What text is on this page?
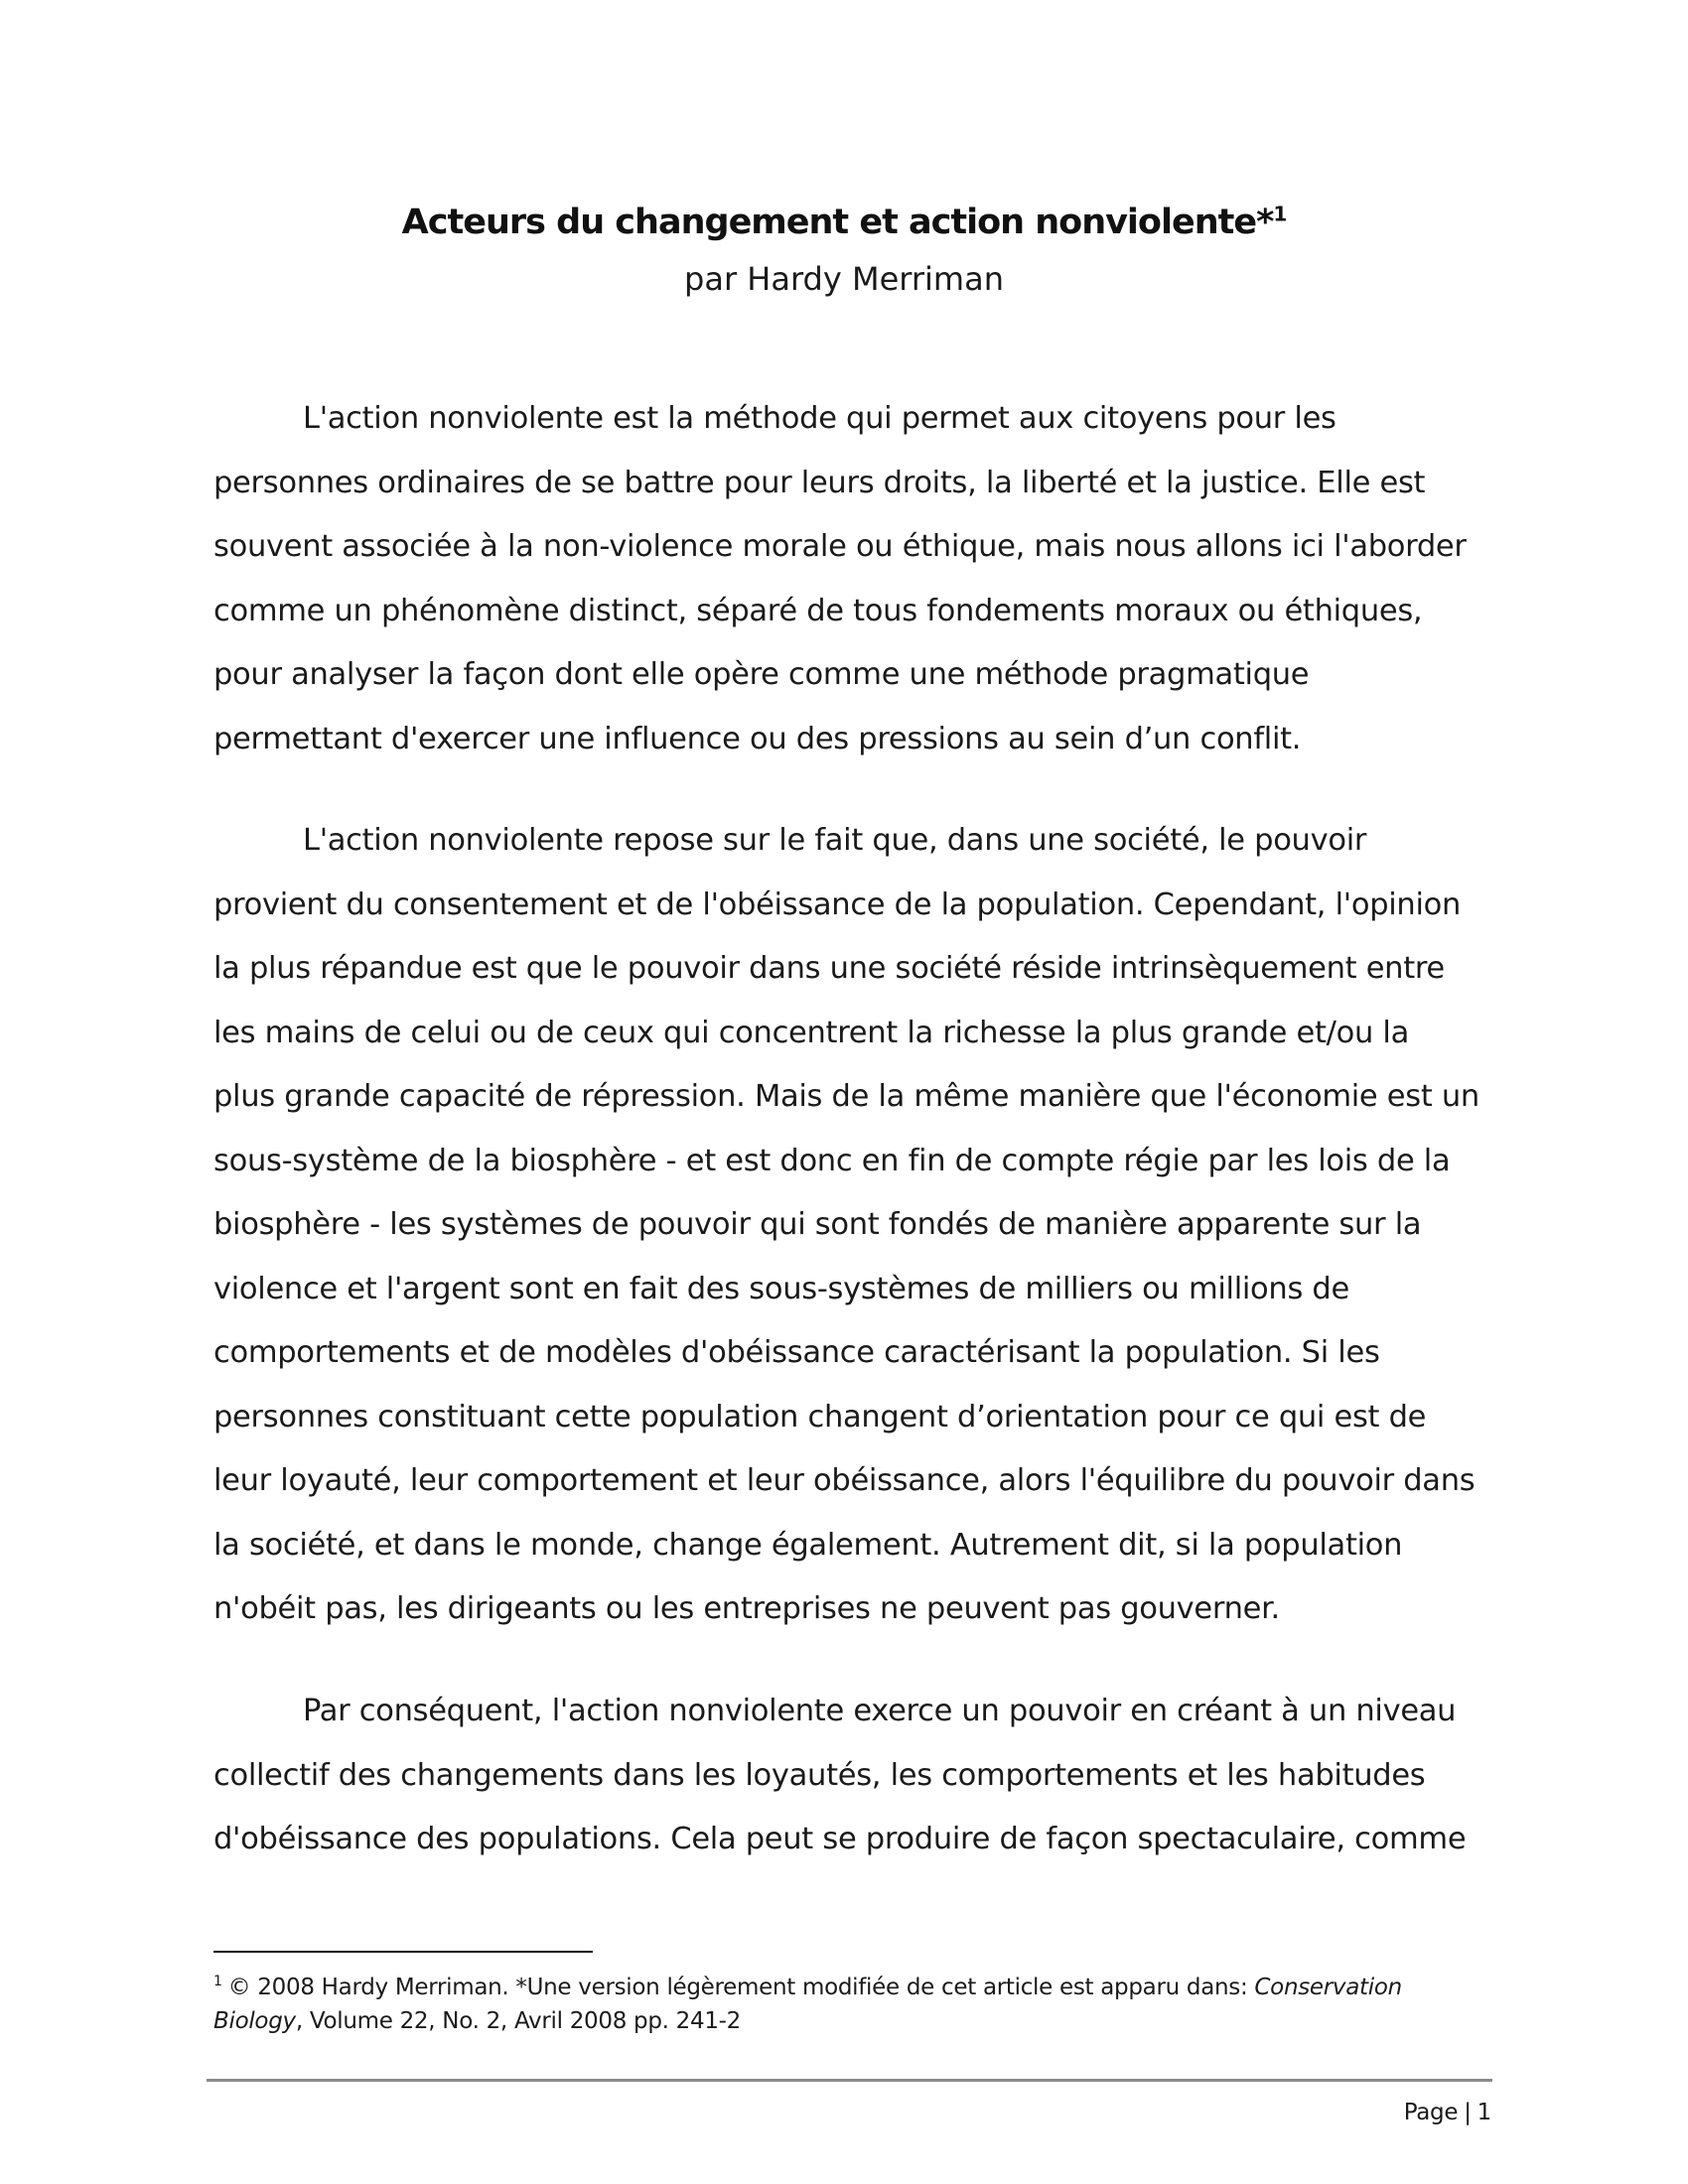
Acteurs du changement et action nonviolente*$^1$
par Hardy Merriman

L'action nonviolente est la méthode qui permet aux citoyens pour les personnes ordinaires de se battre pour leurs droits, la liberté et la justice. Elle est souvent associée à la non-violence morale ou éthique, mais nous allons ici l'aborder comme un phénomène distinct, séparé de tous fondements moraux ou éthiques, pour analyser la façon dont elle opère comme une méthode pragmatique permettant d'exercer une influence ou des pressions au sein d’un conflit.

L'action nonviolente repose sur le fait que, dans une société, le pouvoir provient du consentement et de l'obéissance de la population. Cependant, l'opinion la plus répandue est que le pouvoir dans une société réside intrinsèquement entre les mains de celui ou de ceux qui concentrent la richesse la plus grande et/ou la plus grande capacité de répression. Mais de la même manière que l'économie est un sous-système de la biosphère - et est donc en fin de compte régie par les lois de la biosphère - les systèmes de pouvoir qui sont fondés de manière apparente sur la violence et l'argent sont en fait des sous-systèmes de milliers ou millions de comportements et de modèles d'obéissance caractérisant la population. Si les personnes constituant cette population changent d’orientation pour ce qui est de leur loyauté, leur comportement et leur obéissance, alors l'équilibre du pouvoir dans la société, et dans le monde, change également. Autrement dit, si la population n'obéit pas, les dirigeants ou les entreprises ne peuvent pas gouverner.

Par conséquent, l'action nonviolente exerce un pouvoir en créant à un niveau collectif des changements dans les loyautés, les comportements et les habitudes d'obéissance des populations. Cela peut se produire de façon spectaculaire, comme

$^1$ © 2008 Hardy Merriman. *Une version légèrement modifiée de cet article est apparu dans: Conservation Biology, Volume 22, No. 2, Avril 2008 pp. 241-2
Page | 1
